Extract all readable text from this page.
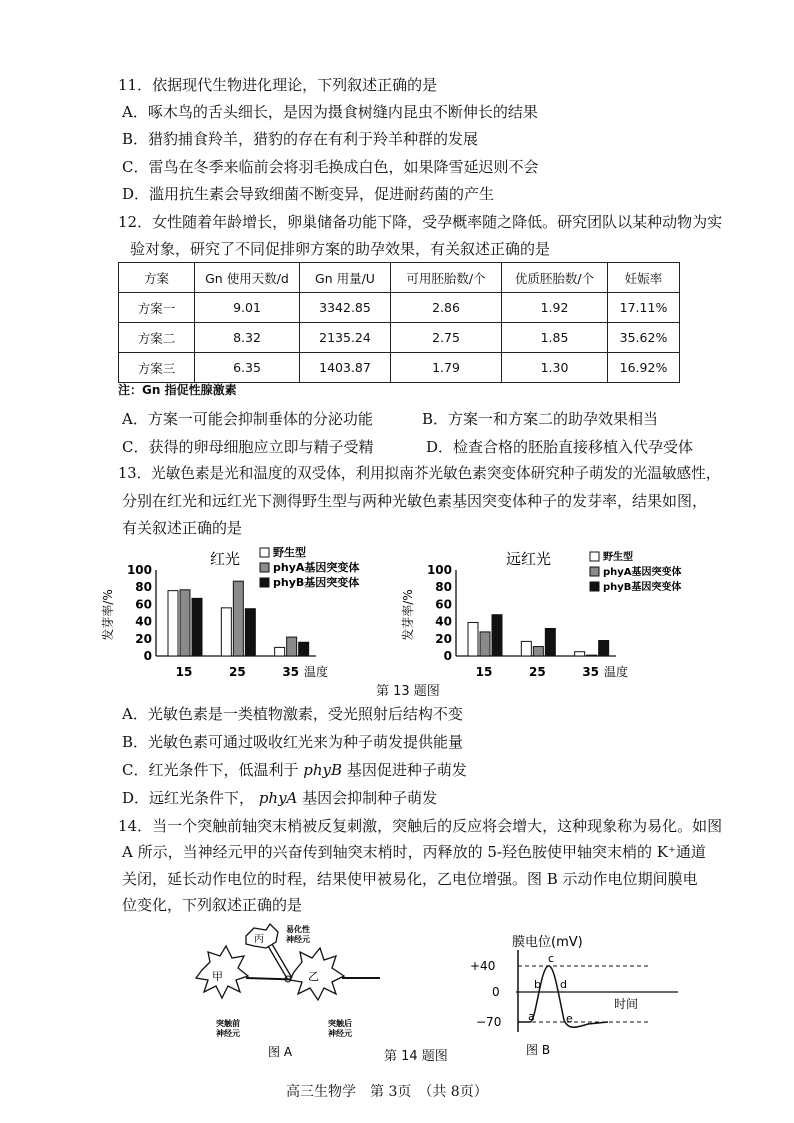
11．依据现代生物进化理论，下列叙述正确的是
A．啄木鸟的舌头细长，是因为摄食树缝内昆虫不断伸长的结果
B．猎豹捕食羚羊，猎豹的存在有利于羚羊种群的发展
C．雷鸟在冬季来临前会将羽毛换成白色，如果降雪延迟则不会
D．滥用抗生素会导致细菌不断变异，促进耐药菌的产生
12．女性随着年龄增长，卵巢储备功能下降，受孕概率随之降低。研究团队以某种动物为实
验对象，研究了不同促排卵方案的助孕效果，有关叙述正确的是
方案	Gn 使用天数/d	Gn 用量/U	可用胚胎数/个	优质胚胎数/个	妊娠率
方案一	9.01	3342.85	2.86	1.92	17.11%
方案二	8.32	2135.24	2.75	1.85	35.62%
方案三	6.35	1403.87	1.79	1.30	16.92%
注：Gn 指促性腺激素
A．方案一可能会抑制垂体的分泌功能	B．方案一和方案二的助孕效果相当
C．获得的卵母细胞应立即与精子受精	D．检查合格的胚胎直接移植入代孕受体
13．光敏色素是光和温度的双受体，利用拟南芥光敏色素突变体研究种子萌发的光温敏感性，
分别在红光和远红光下测得野生型与两种光敏色素基因突变体种子的发芽率，结果如图，
有关叙述正确的是
发芽率/%
红光
0
20
40
60
80
100
15	25	35 温度
野生型
phyA基因突变体
phyB基因突变体
发芽率/%
远红光
0
20
40
60
80
100
15	25	35 温度
野生型
phyA基因突变体
phyB基因突变体
第 13 题图
A．光敏色素是一类植物激素，受光照射后结构不变
B．光敏色素可通过吸收红光来为种子萌发提供能量
C．红光条件下，低温利于 phyB 基因促进种子萌发
D．远红光条件下， phyA 基因会抑制种子萌发
14．当一个突触前轴突末梢被反复刺激，突触后的反应将会增大，这种现象称为易化。如图
A 所示，当神经元甲的兴奋传到轴突末梢时，丙释放的 5-羟色胺使甲轴突末梢的 K⁺通道
关闭，延长动作电位的时程，结果使甲被易化，乙电位增强。图 B 示动作电位期间膜电
位变化，下列叙述正确的是
甲	乙
丙
易化性
神经元
突触前
神经元
突触后
神经元
图 A	第 14 题图
膜电位(mV)
+40
0
−70
时间
a
b
c
d
e
图 B
高三生物学　第 3页　（共 8页）
